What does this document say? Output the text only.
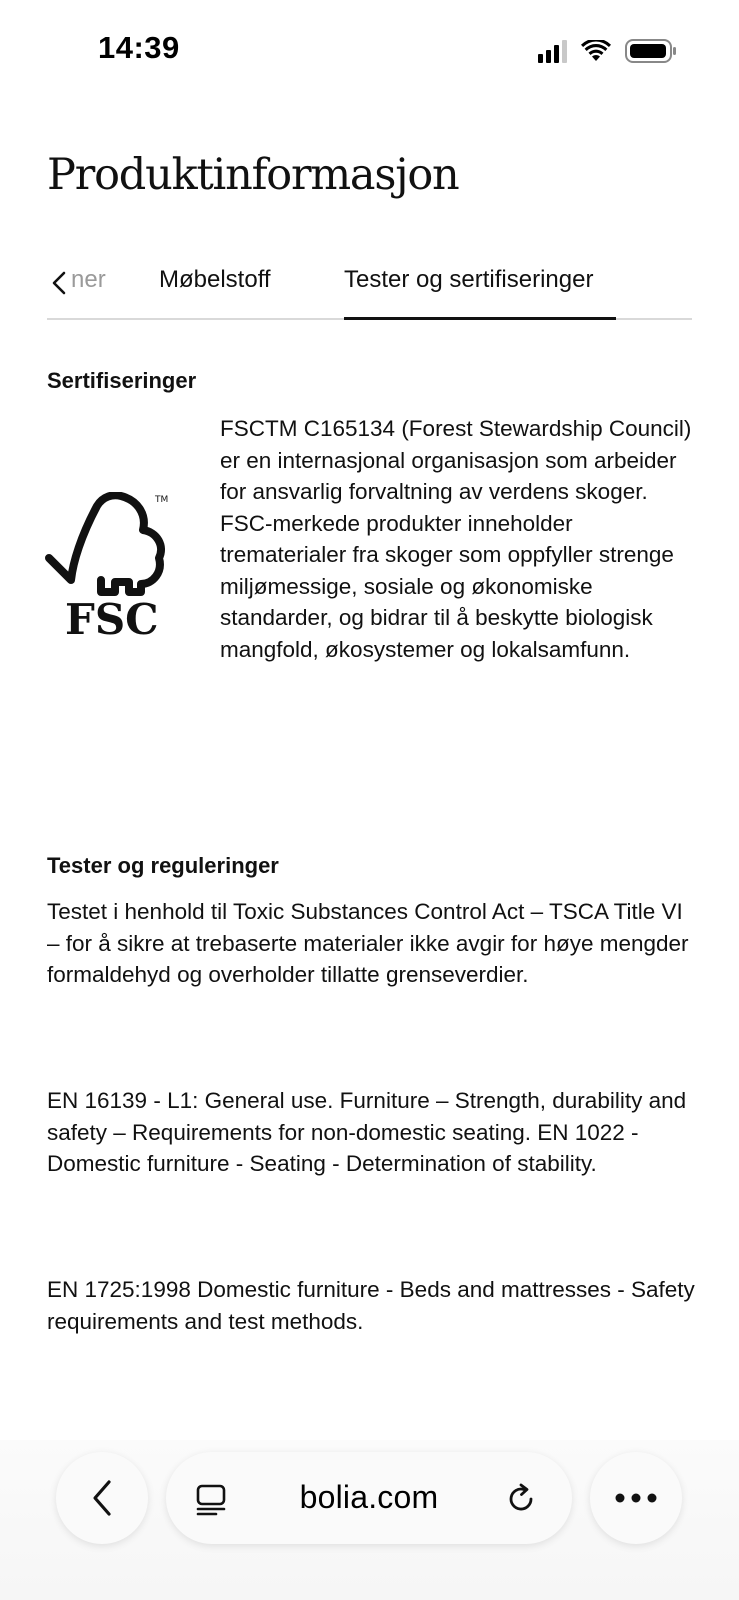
14:39
Produktinformasjon
ner Møbelstoff	Tester og sertifiseringer
Sertifiseringer
TM
FSC

FSCTM C165134 (Forest Stewardship Council) er en internasjonal organisasjon som arbeider for ansvarlig forvaltning av verdens skoger. FSC-merkede produkter inneholder trematerialer fra skoger som oppfyller strenge miljømessige, sosiale og økonomiske standarder, og bidrar til å beskytte biologisk mangfold, økosystemer og lokalsamfunn.

Tester og reguleringer

Testet i henhold til Toxic Substances Control Act – TSCA Title VI – for å sikre at trebaserte materialer ikke avgir for høye mengder formaldehyd og overholder tillatte grenseverdier.

EN 16139 - L1: General use. Furniture – Strength, durability and safety – Requirements for non-domestic seating. EN 1022 - Domestic furniture - Seating - Determination of stability.

EN 1725:1998 Domestic furniture - Beds and mattresses - Safety requirements and test methods.

bolia.com
